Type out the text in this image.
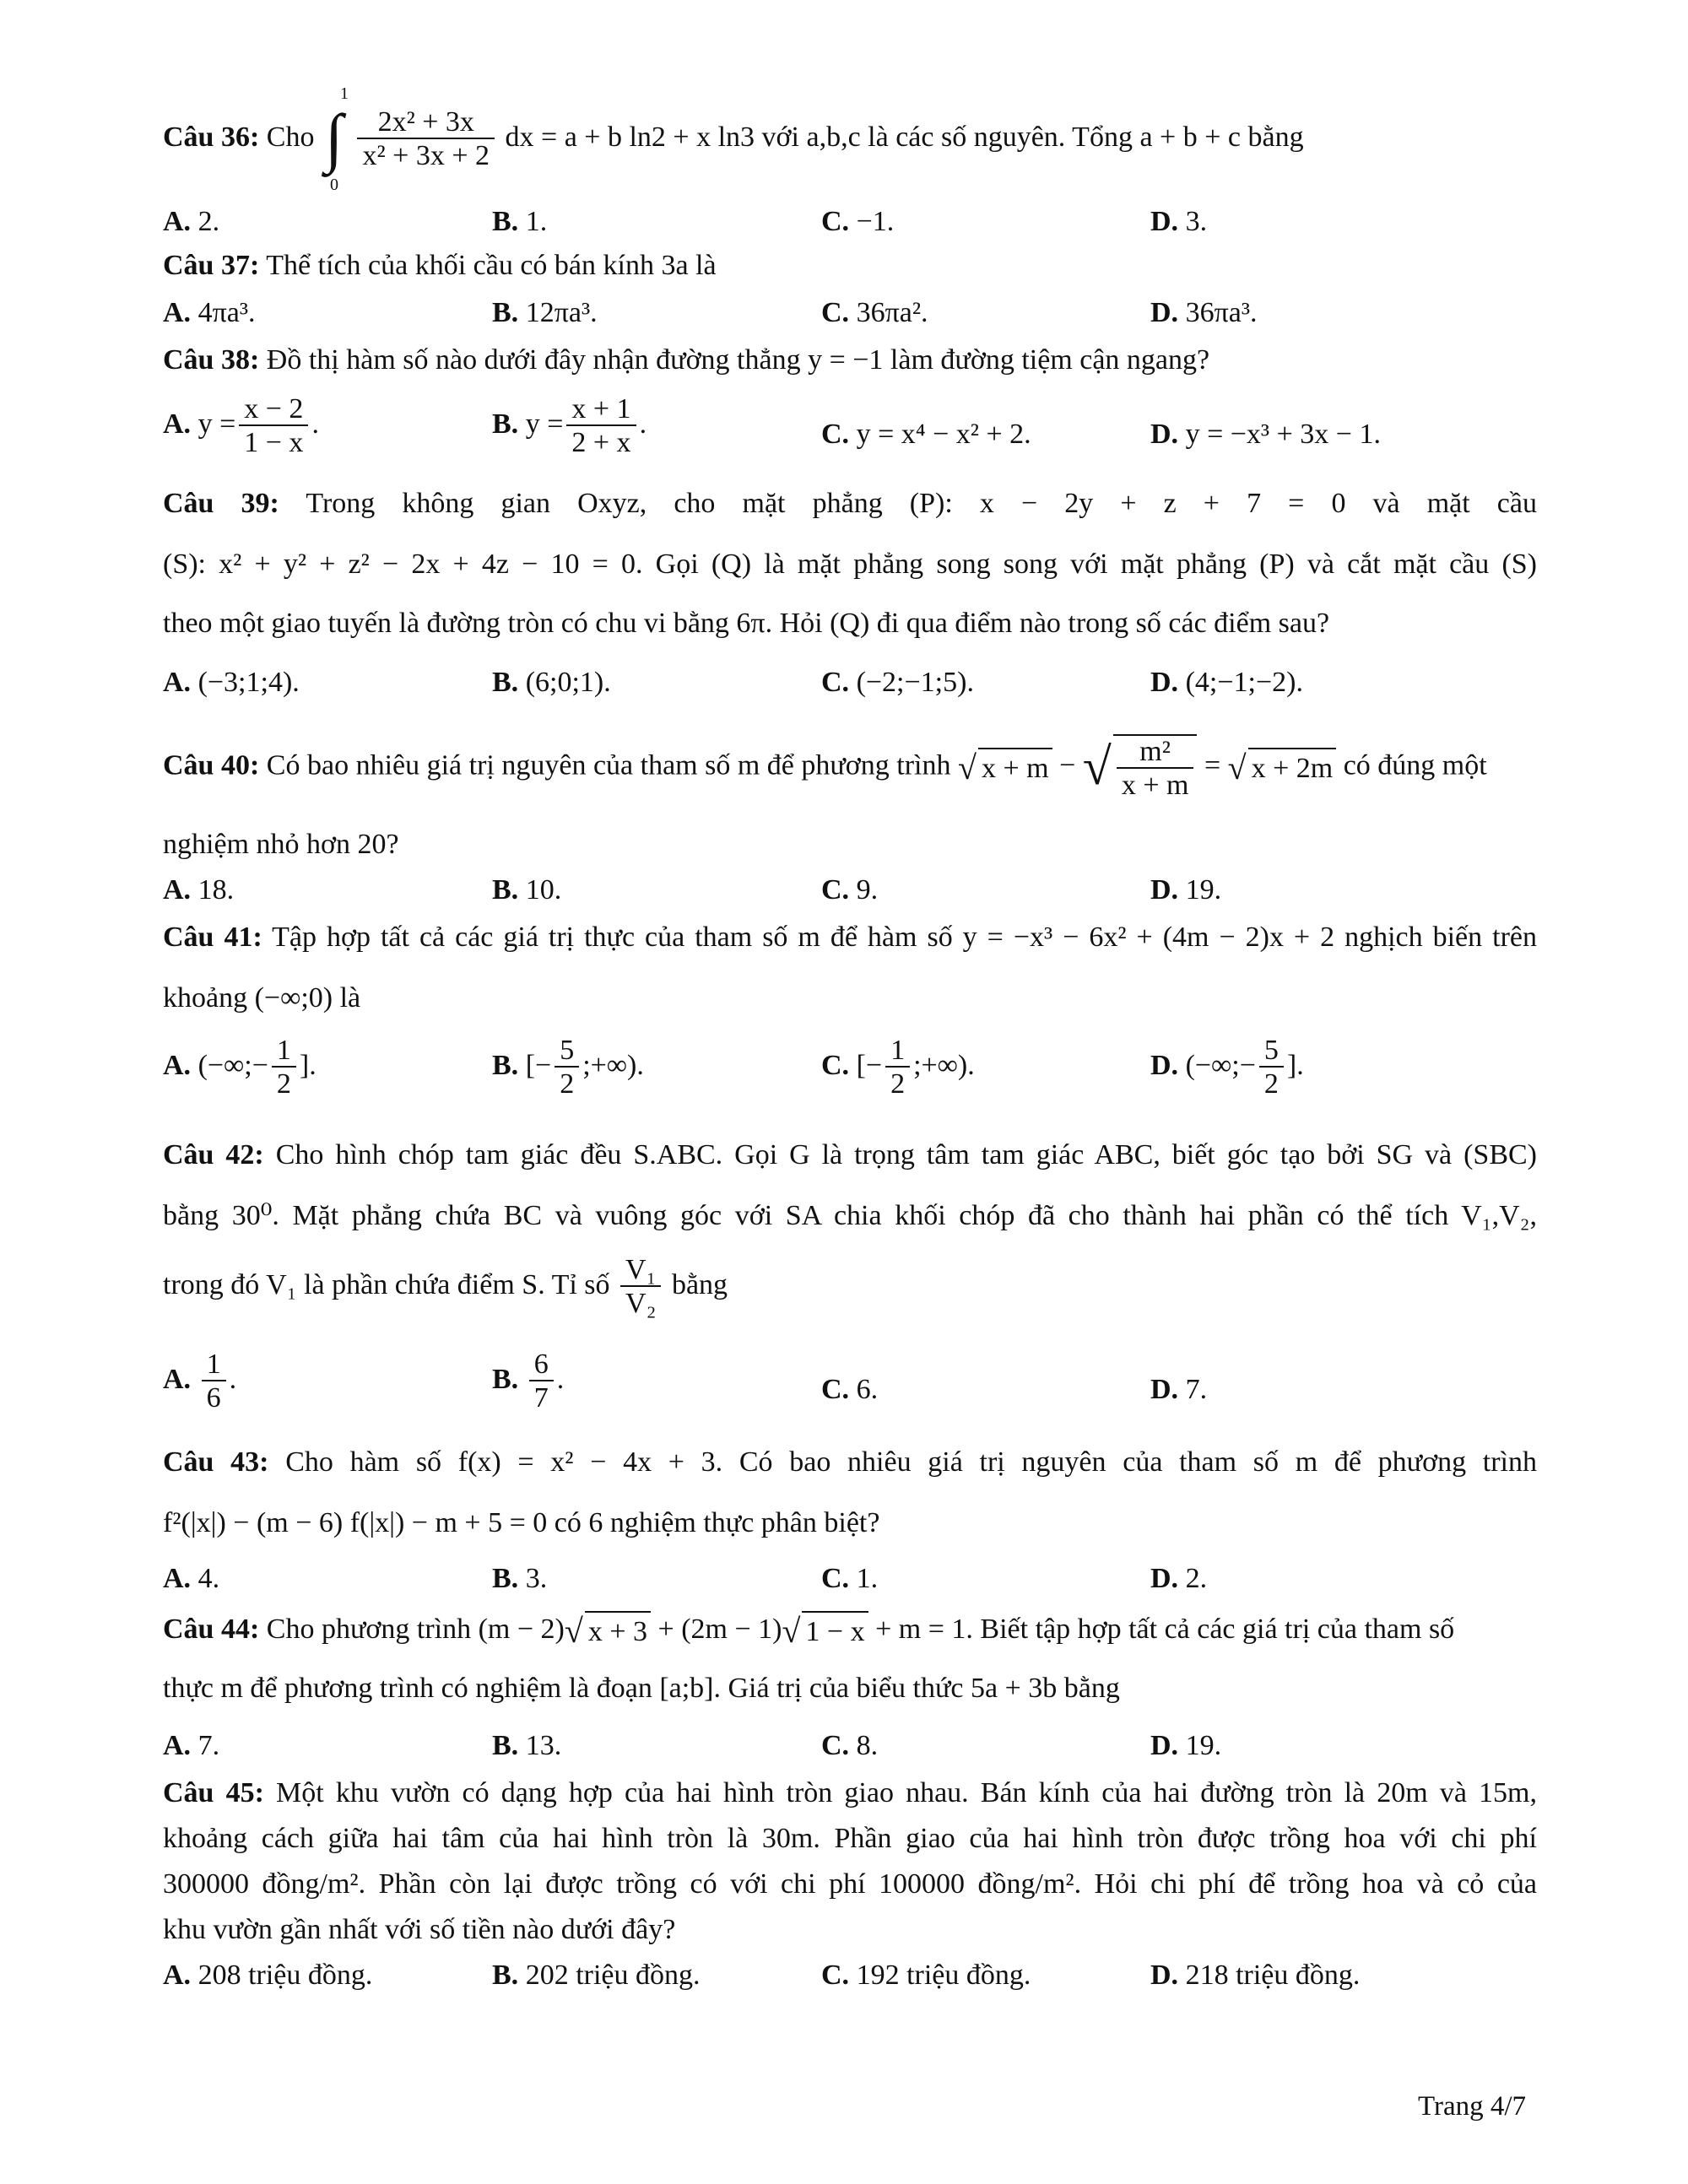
Câu 36: Cho
1
∫
0

$\frac{\text{2x² + 3x}}{\text{x² + 3x + 2}}$ dx = a + b ln2 + x ln3 với a,b,c là các số nguyên. Tổng a + b + c bằng
A. 2.	B. 1.	C. −1.	D. 3.
Câu 37: Thể tích của khối cầu có bán kính 3a là
A. 4πa³.	B. 12πa³.	C. 36πa².	D. 36πa³.
Câu 38: Đồ thị hàm số nào dưới đây nhận đường thẳng y = −1 làm đường tiệm cận ngang?
A. $y = \frac{x - 2}{1 - x}$ .	B. $y = \frac{x + 1}{2 + x}$ .	C. y = x⁴ − x² + 2.	D. y = −x³ + 3x − 1.
Câu 39: Trong không gian Oxyz, cho mặt phẳng (P): x − 2y + z + 7 = 0 và mặt cầu
(S): x² + y² + z² − 2x + 4z − 10 = 0. Gọi (Q) là mặt phẳng song song với mặt phẳng (P) và cắt mặt cầu (S)
theo một giao tuyến là đường tròn có chu vi bằng 6π. Hỏi (Q) đi qua điểm nào trong số các điểm sau?
A. (−3;1;4).	B. (6;0;1).	C. (−2;−1;5).	D. (4;−1;−2).
Câu 40: Có bao nhiêu giá trị nguyên của tham số m để phương trình √ x + m − √ $\frac{\text{m²}}{x + m}$ = √ x + 2m có đúng một
nghiệm nhỏ hơn 20?
A. 18.	B. 10.	C. 9.	D. 19.
Câu 41: Tập hợp tất cả các giá trị thực của tham số m để hàm số y = −x³ − 6x² + (4m − 2)x + 2 nghịch biến trên
khoảng (−∞;0) là
A. (−∞;− $\frac{1}{2}$ ].	B. [− $\frac{5}{2}$ ;+∞).	C. [− $\frac{1}{2}$ ;+∞).	D. (−∞;− $\frac{5}{2}$ ].
Câu 42: Cho hình chóp tam giác đều S.ABC. Gọi G là trọng tâm tam giác ABC, biết góc tạo bởi SG và (SBC)
bằng 30⁰. Mặt phẳng chứa BC và vuông góc với SA chia khối chóp đã cho thành hai phần có thể tích V₁,V₂,
trong đó V₁ là phần chứa điểm S. Tỉ số $\frac{\text{V₁}}{\text{V₂}}$ bằng
A. $\frac{1}{6}$ .	B. $\frac{6}{7}$ .	C. 6.	D. 7.
Câu 43: Cho hàm số f(x) = x² − 4x + 3. Có bao nhiêu giá trị nguyên của tham số m để phương trình
f²(|x|) − (m − 6) f(|x|) − m + 5 = 0 có 6 nghiệm thực phân biệt?
A. 4.	B. 3.	C. 1.	D. 2.
Câu 44: Cho phương trình (m − 2)√ x + 3 + (2m − 1)√ 1 − x + m = 1. Biết tập hợp tất cả các giá trị của tham số
thực m để phương trình có nghiệm là đoạn [a;b]. Giá trị của biểu thức 5a + 3b bằng
A. 7.	B. 13.	C. 8.	D. 19.
Câu 45: Một khu vườn có dạng hợp của hai hình tròn giao nhau. Bán kính của hai đường tròn là 20m và 15m,
khoảng cách giữa hai tâm của hai hình tròn là 30m. Phần giao của hai hình tròn được trồng hoa với chi phí
300000 đồng/m². Phần còn lại được trồng có với chi phí 100000 đồng/m². Hỏi chi phí để trồng hoa và cỏ của
khu vườn gần nhất với số tiền nào dưới đây?
A. 208 triệu đồng.	B. 202 triệu đồng.	C. 192 triệu đồng.	D. 218 triệu đồng.
Trang 4/7
